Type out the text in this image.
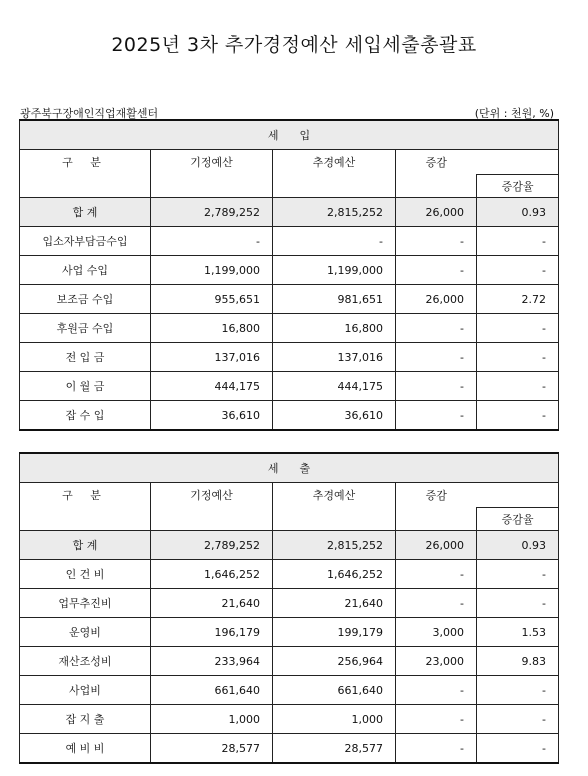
2025년 3차 추가경정예산 세입세출총괄표
광주북구장애인직업재활센터	(단위 : 천원, %)
세      입				
구 분	기정예산	추경예산	증감	
				증감율
합 계	2,789,252	2,815,252	26,000	0.93
입소자부담금수입	-	-	-	-
사업 수입	1,199,000	1,199,000	-	-
보조금 수입	955,651	981,651	26,000	2.72
후원금 수입	16,800	16,800	-	-
전 입 금	137,016	137,016	-	-
이 월 금	444,175	444,175	-	-
잡 수 입	36,610	36,610	-	-
세      출				
구 분	기정예산	추경예산	증감	
				증감율
합 계	2,789,252	2,815,252	26,000	0.93
인 건 비	1,646,252	1,646,252	-	-
업무추진비	21,640	21,640	-	-
운영비	196,179	199,179	3,000	1.53
재산조성비	233,964	256,964	23,000	9.83
사업비	661,640	661,640	-	-
잡 지 출	1,000	1,000	-	-
예 비 비	28,577	28,577	-	-
